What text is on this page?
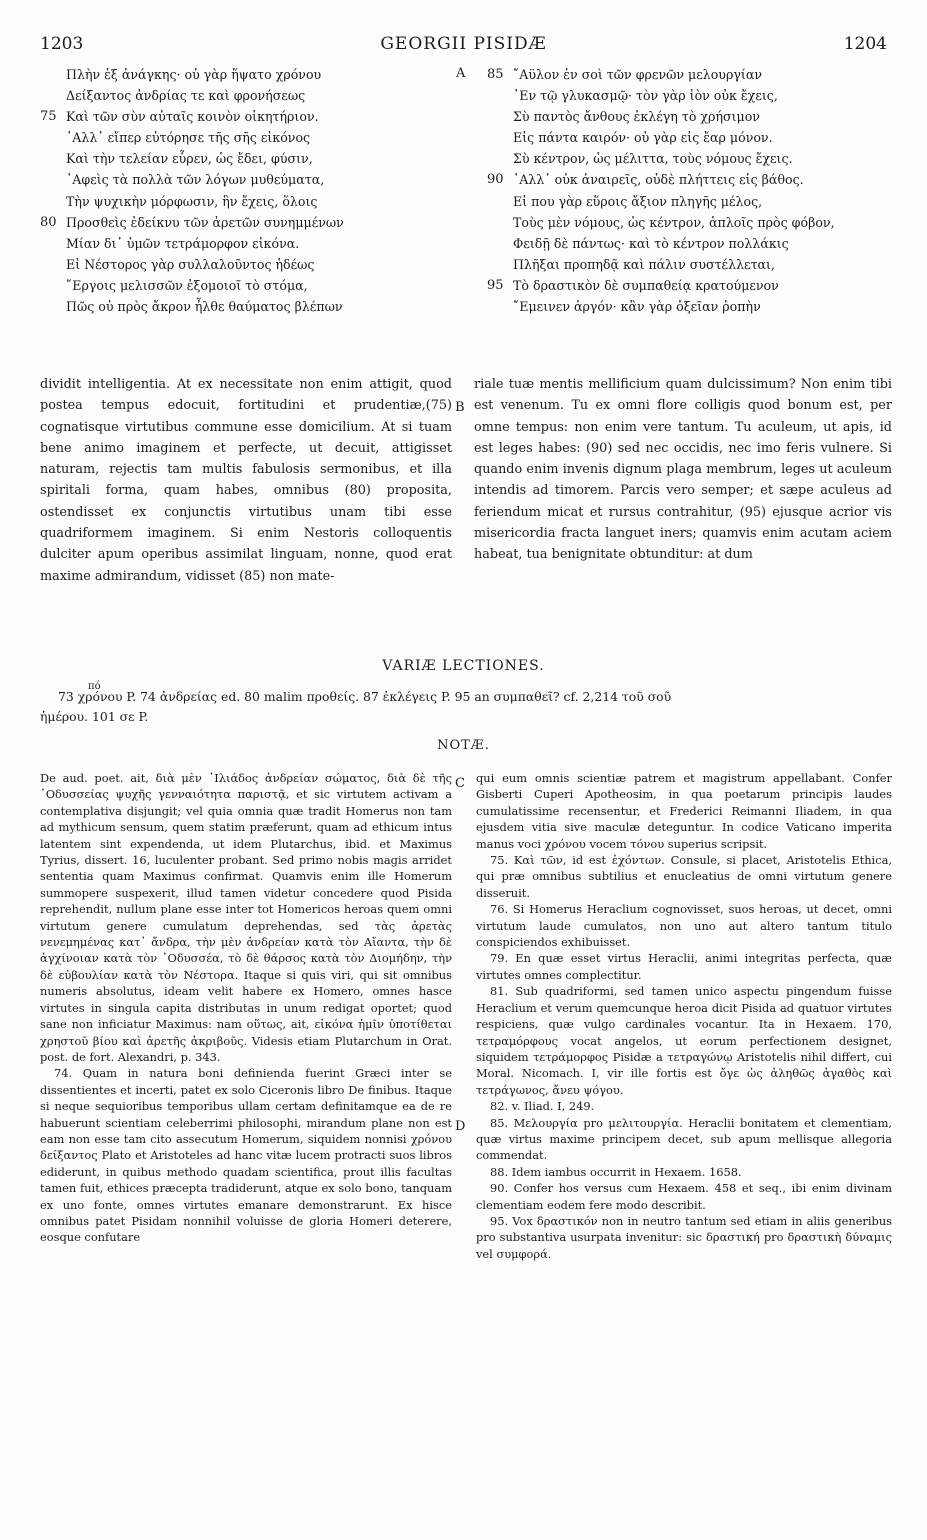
1203	GEORGII PISIDÆ	1204
A
B
C
D
Πλὴν ἐξ ἀνάγκης· οὐ γὰρ ἥψατο χρόνου
Δείξαντος ἀνδρίας τε καὶ φρονήσεως
75 Καὶ τῶν σὺν αὐταῖς κοινὸν οἰκητήριον.
᾿Αλλ᾽ εἴπερ εὐτόρησε τῆς σῆς εἰκόνος
Καὶ τὴν τελείαν εὗρεν, ὡς ἔδει, φύσιν,
᾿Αφεὶς τὰ πολλὰ τῶν λόγων μυθεύματα,
Τὴν ψυχικὴν μόρφωσιν, ἣν ἔχεις, ὅλοις
80 Προσθεὶς ἐδείκνυ τῶν ἀρετῶν συνημμένων
Μίαν δι᾽ ὑμῶν τετράμορφον εἰκόνα.
Εἰ Νέστορος γὰρ συλλαλοῦντος ἡδέως
῎Εργοις μελισσῶν ἐξομοιοῖ τὸ στόμα,
Πῶς οὐ πρὸς ἄκρον ἦλθε θαύματος βλέπων
85 ῎Αϋλον ἐν σοὶ τῶν φρενῶν μελουργίαν
᾿Εν τῷ γλυκασμῷ· τὸν γὰρ ἰὸν οὐκ ἔχεις,
Σὺ παντὸς ἄνθους ἐκλέγη τὸ χρήσιμον
Εἰς πάντα καιρόν· οὐ γὰρ εἰς ἔαρ μόνον.
Σὺ κέντρον, ὡς μέλιττα, τοὺς νόμους ἔχεις.
90 ᾿Αλλ᾽ οὐκ ἀναιρεῖς, οὐδὲ πλήττεις εἰς βάθος.
Εἰ που γὰρ εὕροις ἄξιον πληγῆς μέλος,
Τοὺς μὲν νόμους, ὡς κέντρον, ἁπλοῖς πρὸς φόβον,
Φειδῇ δὲ πάντως· καὶ τὸ κέντρον πολλάκις
Πλῆξαι προπηδᾷ καὶ πάλιν συστέλλεται,
95 Τὸ δραστικὸν δὲ συμπαθείᾳ κρατούμενον
῎Εμεινεν ἀργόν· κἂν γὰρ ὀξεῖαν ῥοπὴν

dividit intelligentia. At ex necessitate non enim attigit, quod postea tempus edocuit, fortitudini et prudentiæ,(75) cognatisque virtutibus commune esse domicilium. At si tuam bene animo imaginem et perfecte, ut decuit, attigisset naturam, rejectis tam multis fabulosis sermonibus, et illa spiritali forma, quam habes, omnibus (80) proposita, ostendisset ex conjunctis virtutibus unam tibi esse quadriformem imaginem. Si enim Nestoris colloquentis dulciter apum operibus assimilat linguam, nonne, quod erat maxime admirandum, vidisset (85) non mate-

riale tuæ mentis mellificium quam dulcissimum? Non enim tibi est venenum. Tu ex omni flore colligis quod bonum est, per omne tempus: non enim vere tantum. Tu aculeum, ut apis, id est leges habes: (90) sed nec occidis, nec imo feris vulnere. Si quando enim invenis dignum plaga membrum, leges ut aculeum intendis ad timorem. Parcis vero semper; et sæpe aculeus ad feriendum micat et rursus contrahitur, (95) ejusque acrior vis misericordia fracta languet iners; quamvis enim acutam aciem habeat, tua benignitate obtunditur: at dum

VARIÆ LECTIONES.
πό
73 χρόνου P. 74 ἀνδρείας ed. 80 malim προθείς. 87 ἐκλέγεις P. 95 an συμπαθεῖ? cf. 2,214 τοῦ σοῦ
ἡμέρου. 101 σε P.
NOTÆ.

De aud. poet. ait, διὰ μὲν ᾿Ιλιάδος ἀνδρείαν σώματος, διὰ δὲ τῆς ᾿Οδυσσείας ψυχῆς γενναιότητα παριστᾷ, et sic virtutem activam a contemplativa disjungit; vel quia omnia quæ tradit Homerus non tam ad mythicum sensum, quem statim præferunt, quam ad ethicum intus latentem sint expendenda, ut idem Plutarchus, ibid. et Maximus Tyrius, dissert. 16, luculenter probant. Sed primo nobis magis arridet sententia quam Maximus confirmat. Quamvis enim ille Homerum summopere suspexerit, illud tamen videtur concedere quod Pisida reprehendit, nullum plane esse inter tot Homericos heroas quem omni virtutum genere cumulatum deprehendas, sed τὰς ἀρετὰς νενεμημένας κατ᾽ ἄνδρα, τὴν μὲν ἀνδρείαν κατὰ τὸν Αἴαντα, τὴν δὲ ἀγχίνοιαν κατὰ τὸν ᾿Οδυσσέα, τὸ δὲ θάρσος κατὰ τὸν Διομήδην, τὴν δὲ εὐβουλίαν κατὰ τὸν Νέστορα. Itaque si quis viri, qui sit omnibus numeris absolutus, ideam velit habere ex Homero, omnes hasce virtutes in singula capita distributas in unum redigat oportet; quod sane non inficiatur Maximus: nam οὕτως, ait, εἰκόνα ἡμῖν ὑποτίθεται χρηστοῦ βίου καὶ ἀρετῆς ἀκριβοῦς. Videsis etiam Plutarchum in Orat. post. de fort. Alexandri, p. 343.

74. Quam in natura boni definienda fuerint Græci inter se dissentientes et incerti, patet ex solo Ciceronis libro De finibus. Itaque si neque sequioribus temporibus ullam certam definitamque ea de re habuerunt scientiam celeberrimi philosophi, mirandum plane non est eam non esse tam cito assecutum Homerum, siquidem nonnisi χρόνου δείξαντος Plato et Aristoteles ad hanc vitæ lucem protracti suos libros ediderunt, in quibus methodo quadam scientifica, prout illis facultas tamen fuit, ethices præcepta tradiderunt, atque ex solo bono, tanquam ex uno fonte, omnes virtutes emanare demonstrarunt. Ex hisce omnibus patet Pisidam nonnihil voluisse de gloria Homeri deterere, eosque confutare

qui eum omnis scientiæ patrem et magistrum appellabant. Confer Gisberti Cuperi Apotheosim, in qua poetarum principis laudes cumulatissime recensentur, et Frederici Reimanni Iliadem, in qua ejusdem vitia sive maculæ deteguntur. In codice Vaticano imperita manus voci χρόνου vocem τόνου superius scripsit.

75. Καὶ τῶν, id est ἐχόντων. Consule, si placet, Aristotelis Ethica, qui præ omnibus subtilius et enucleatius de omni virtutum genere disseruit.

76. Si Homerus Heraclium cognovisset, suos heroas, ut decet, omni virtutum laude cumulatos, non uno aut altero tantum titulo conspiciendos exhibuisset.

79. En quæ esset virtus Heraclii, animi integritas perfecta, quæ virtutes omnes complectitur.

81. Sub quadriformi, sed tamen unico aspectu pingendum fuisse Heraclium et verum quemcunque heroa dicit Pisida ad quatuor virtutes respiciens, quæ vulgo cardinales vocantur. Ita in Hexaem. 170, τετραμόρφους vocat angelos, ut eorum perfectionem designet, siquidem τετράμορφος Pisidæ a τετραγώνῳ Aristotelis nihil differt, cui Moral. Nicomach. I, vir ille fortis est ὄγε ὡς ἀληθῶς ἀγαθὸς καὶ τετράγωνος, ἄνευ ψόγου.

82. v. Iliad. I, 249.

85. Μελουργία pro μελιτουργία. Heraclii bonitatem et clementiam, quæ virtus maxime principem decet, sub apum mellisque allegoria commendat.

88. Idem iambus occurrit in Hexaem. 1658.

90. Confer hos versus cum Hexaem. 458 et seq., ibi enim divinam clementiam eodem fere modo describit.

95. Vox δραστικόν non in neutro tantum sed etiam in aliis generibus pro substantiva usurpata invenitur: sic δραστική pro δραστικὴ δύναμις vel συμφορά.
